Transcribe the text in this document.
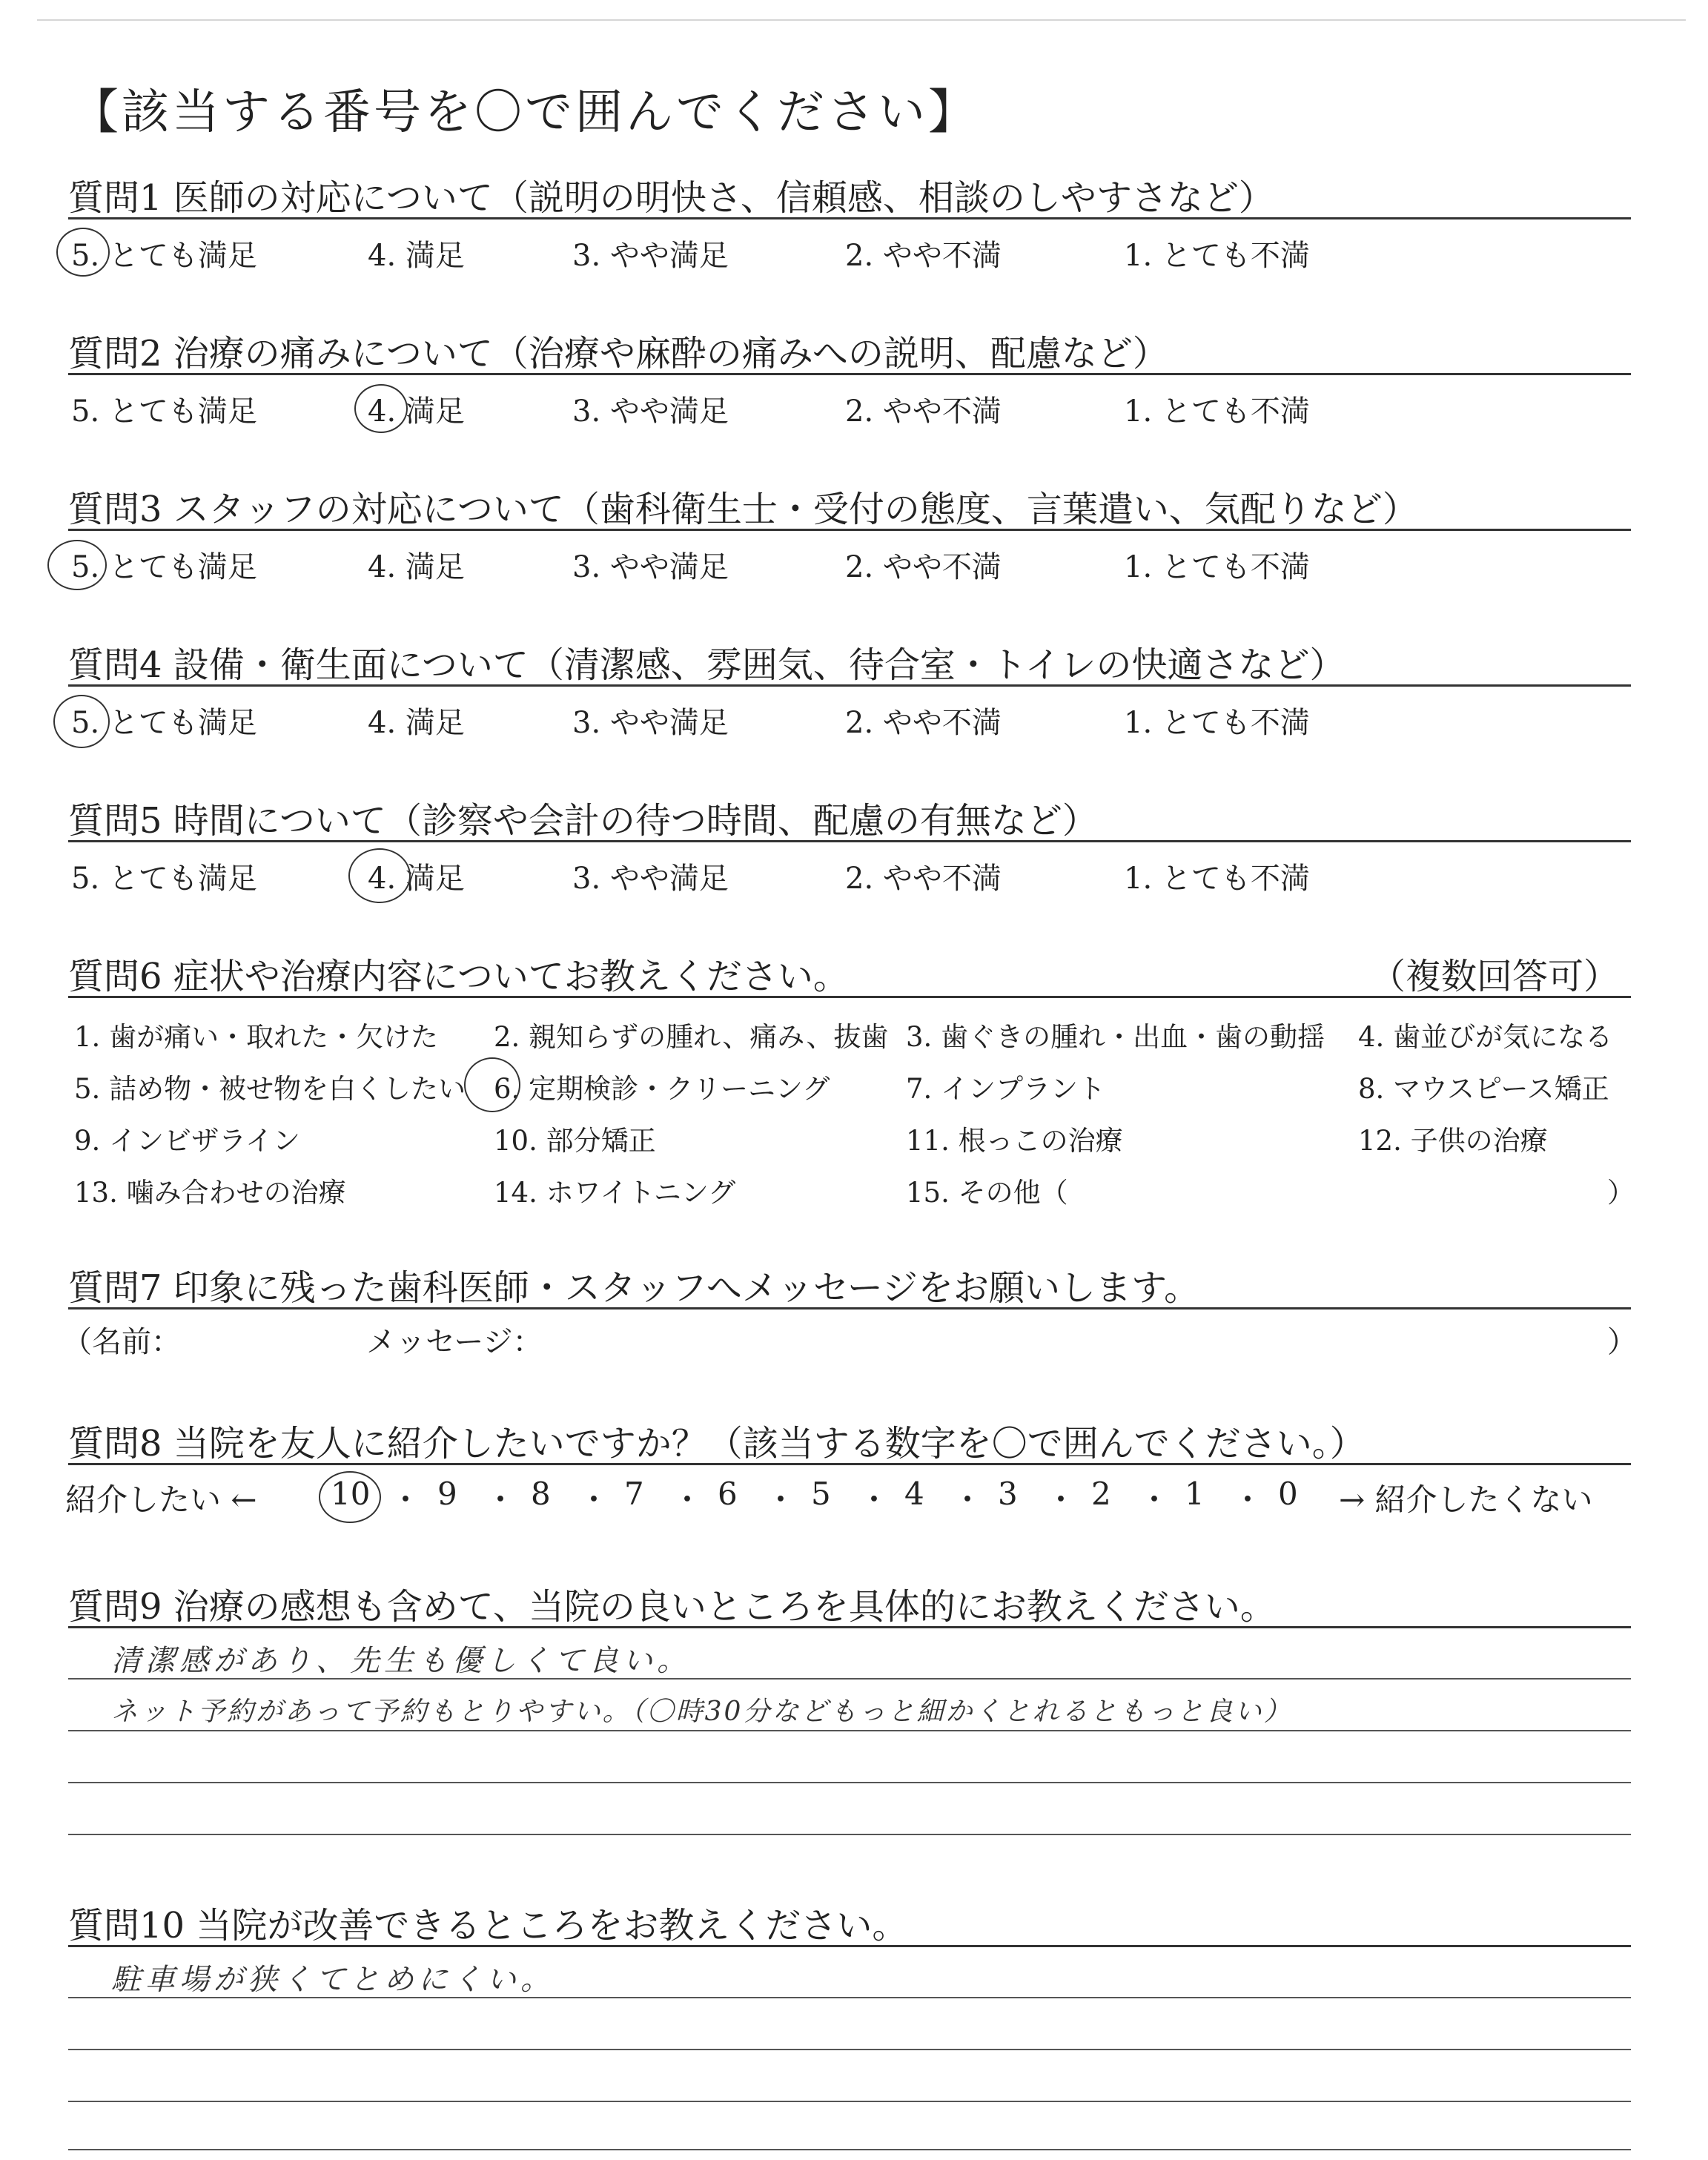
【該当する番号を〇で囲んでください】
質問1 医師の対応について（説明の明快さ、信頼感、相談のしやすさなど）
5. とても満足	4. 満足	3. やや満足	2. やや不満	1. とても不満
質問2 治療の痛みについて（治療や麻酔の痛みへの説明、配慮など）
5. とても満足	4. 満足	3. やや満足	2. やや不満	1. とても不満
質問3 スタッフの対応について（歯科衛生士・受付の態度、言葉遣い、気配りなど）
5. とても満足	4. 満足	3. やや満足	2. やや不満	1. とても不満
質問4 設備・衛生面について（清潔感、雰囲気、待合室・トイレの快適さなど）
5. とても満足	4. 満足	3. やや満足	2. やや不満	1. とても不満
質問5 時間について（診察や会計の待つ時間、配慮の有無など）
5. とても満足	4. 満足	3. やや満足	2. やや不満	1. とても不満
質問6 症状や治療内容についてお教えください。	（複数回答可）
1. 歯が痛い・取れた・欠けた 2. 親知らずの腫れ、痛み、抜歯 3. 歯ぐきの腫れ・出血・歯の動揺 4. 歯並びが気になる
5. 詰め物・被せ物を白くしたい 6. 定期検診・クリーニング	7. インプラント	8. マウスピース矯正
9. インビザライン	10. 部分矯正	11. 根っこの治療	12. 子供の治療
13. 噛み合わせの治療	14. ホワイトニング	15. その他（	）
質問7 印象に残った歯科医師・スタッフへメッセージをお願いします。
（名前：	メッセージ：	）
質問8 当院を友人に紹介したいですか？（該当する数字を〇で囲んでください。）
紹介したい ← 10 ・ 9 ・ 8 ・ 7 ・ 6 ・ 5 ・ 4 ・ 3 ・ 2 ・ 1 ・ 0 → 紹介したくない
質問9 治療の感想も含めて、当院の良いところを具体的にお教えください。
清潔感があり、先生も優しくて良い。
ネット予約があって予約もとりやすい。（〇時30分などもっと細かくとれるともっと良い）
質問10 当院が改善できるところをお教えください。
駐車場が狭くてとめにくい。
